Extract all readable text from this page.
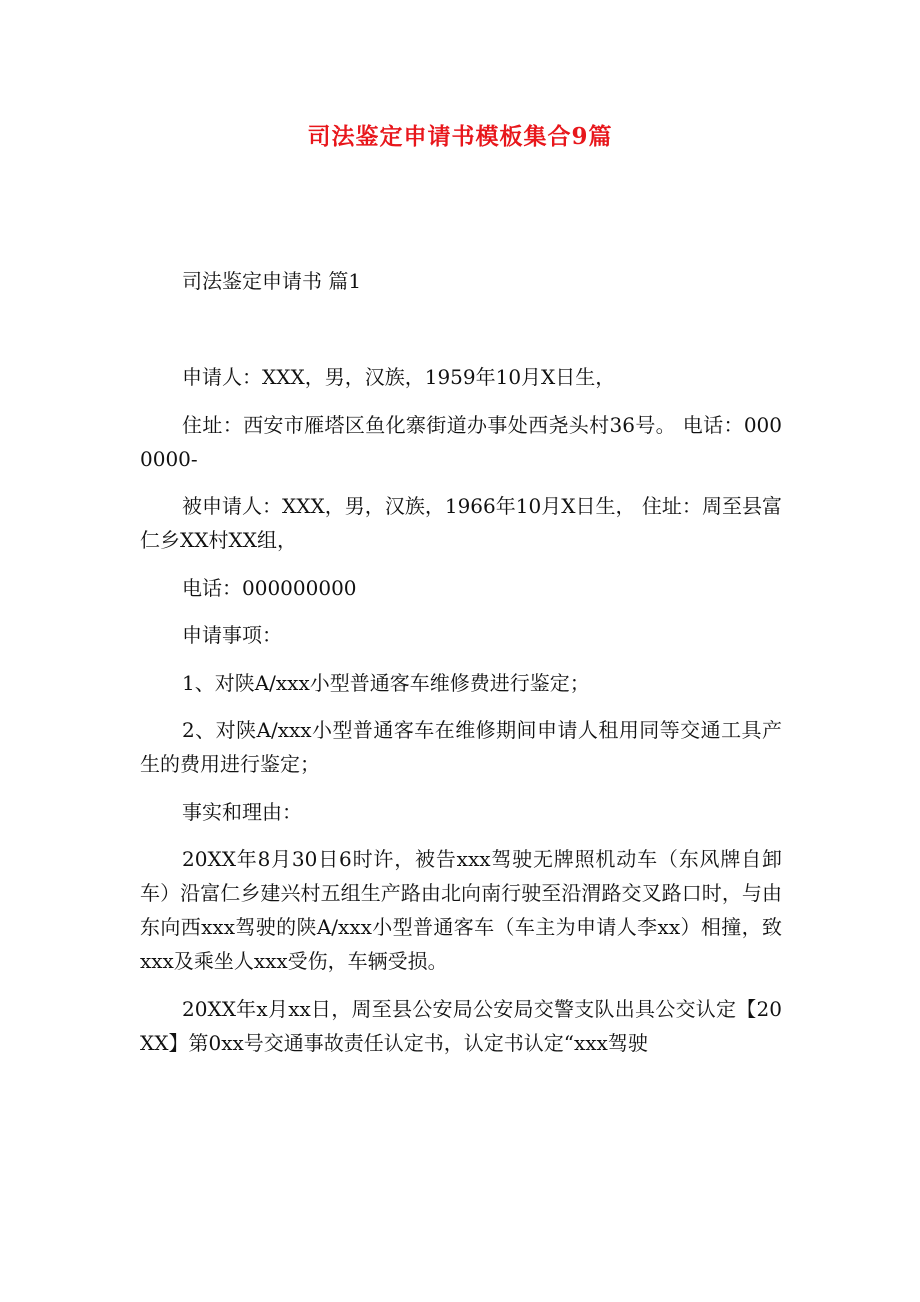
司法鉴定申请书模板集合9篇
司法鉴定申请书 篇1

申请人：XXX，男，汉族，1959年10月X日生，

住址：西安市雁塔区鱼化寨街道办事处西尧头村36号。 电话：0000000-

被申请人：XXX，男，汉族，1966年10月X日生， 住址：周至县富仁乡XX村XX组，

电话：000000000

申请事项：

1、对陕A/xxx小型普通客车维修费进行鉴定；

2、对陕A/xxx小型普通客车在维修期间申请人租用同等交通工具产生的费用进行鉴定；

事实和理由：

20XX年8月30日6时许，被告xxx驾驶无牌照机动车（东风牌自卸车）沿富仁乡建兴村五组生产路由北向南行驶至沿渭路交叉路口时，与由东向西xxx驾驶的陕A/xxx小型普通客车（车主为申请人李xx）相撞，致xxx及乘坐人xxx受伤，车辆受损。

20XX年x月xx日，周至县公安局公安局交警支队出具公交认定【20XX】第0xx号交通事故责任认定书，认定书认定“xxx驾驶
